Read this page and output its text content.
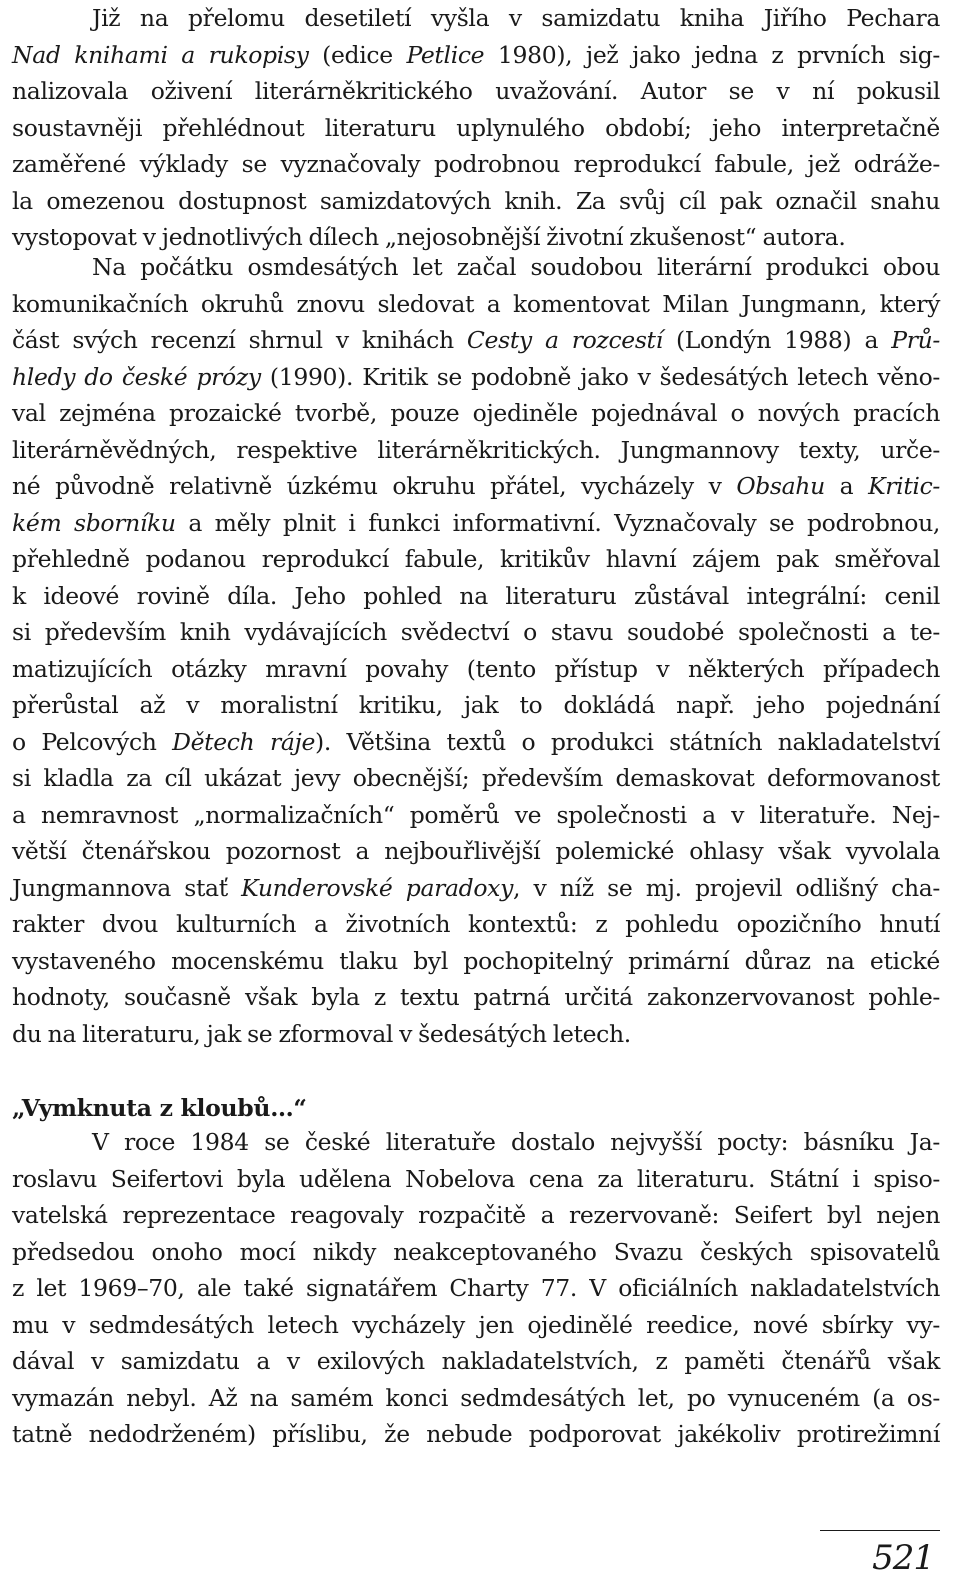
Již na přelomu desetiletí vyšla v samizdatu kniha Jiřího Pechara
Nad knihami a rukopisy (edice Petlice 1980), jež jako jedna z prvních sig-
nalizovala oživení literárněkritického uvažování. Autor se v ní pokusil
soustavněji přehlédnout literaturu uplynulého období; jeho interpretačně
zaměřené výklady se vyznačovaly podrobnou reprodukcí fabule, jež odráže-
la omezenou dostupnost samizdatových knih. Za svůj cíl pak označil snahu
vystopovat v jednotlivých dílech „nejosobnější životní zkušenost“ autora.
Na počátku osmdesátých let začal soudobou literární produkci obou
komunikačních okruhů znovu sledovat a komentovat Milan Jungmann, který
část svých recenzí shrnul v knihách Cesty a rozcestí (Londýn 1988) a Prů-
hledy do české prózy (1990). Kritik se podobně jako v šedesátých letech věno-
val zejména prozaické tvorbě, pouze ojediněle pojednával o nových pracích
literárněvědných, respektive literárněkritických. Jungmannovy texty, urče-
né původně relativně úzkému okruhu přátel, vycházely v Obsahu a Kritic-
kém sborníku a měly plnit i funkci informativní. Vyznačovaly se podrobnou,
přehledně podanou reprodukcí fabule, kritikův hlavní zájem pak směřoval
k ideové rovině díla. Jeho pohled na literaturu zůstával integrální: cenil
si především knih vydávajících svědectví o stavu soudobé společnosti a te-
matizujících otázky mravní povahy (tento přístup v některých případech
přerůstal až v moralistní kritiku, jak to dokládá např. jeho pojednání
o Pelcových Dětech ráje). Většina textů o produkci státních nakladatelství
si kladla za cíl ukázat jevy obecnější; především demaskovat deformovanost
a nemravnost „normalizačních“ poměrů ve společnosti a v literatuře. Nej-
větší čtenářskou pozornost a nejbouřlivější polemické ohlasy však vyvolala
Jungmannova stať Kunderovské paradoxy, v níž se mj. projevil odlišný cha-
rakter dvou kulturních a životních kontextů: z pohledu opozičního hnutí
vystaveného mocenskému tlaku byl pochopitelný primární důraz na etické
hodnoty, současně však byla z textu patrná určitá zakonzervovanost pohle-
du na literaturu, jak se zformoval v šedesátých letech.
„Vymknuta z kloubů…“
V roce 1984 se české literatuře dostalo nejvyšší pocty: básníku Ja-
roslavu Seifertovi byla udělena Nobelova cena za literaturu. Státní i spiso-
vatelská reprezentace reagovaly rozpačitě a rezervovaně: Seifert byl nejen
předsedou onoho mocí nikdy neakceptovaného Svazu českých spisovatelů
z let 1969–70, ale také signatářem Charty 77. V oficiálních nakladatelstvích
mu v sedmdesátých letech vycházely jen ojedinělé reedice, nové sbírky vy-
dával v samizdatu a v exilových nakladatelstvích, z paměti čtenářů však
vymazán nebyl. Až na samém konci sedmdesátých let, po vynuceném (a os-
tatně nedodrženém) příslibu, že nebude podporovat jakékoliv protirežimní
521
